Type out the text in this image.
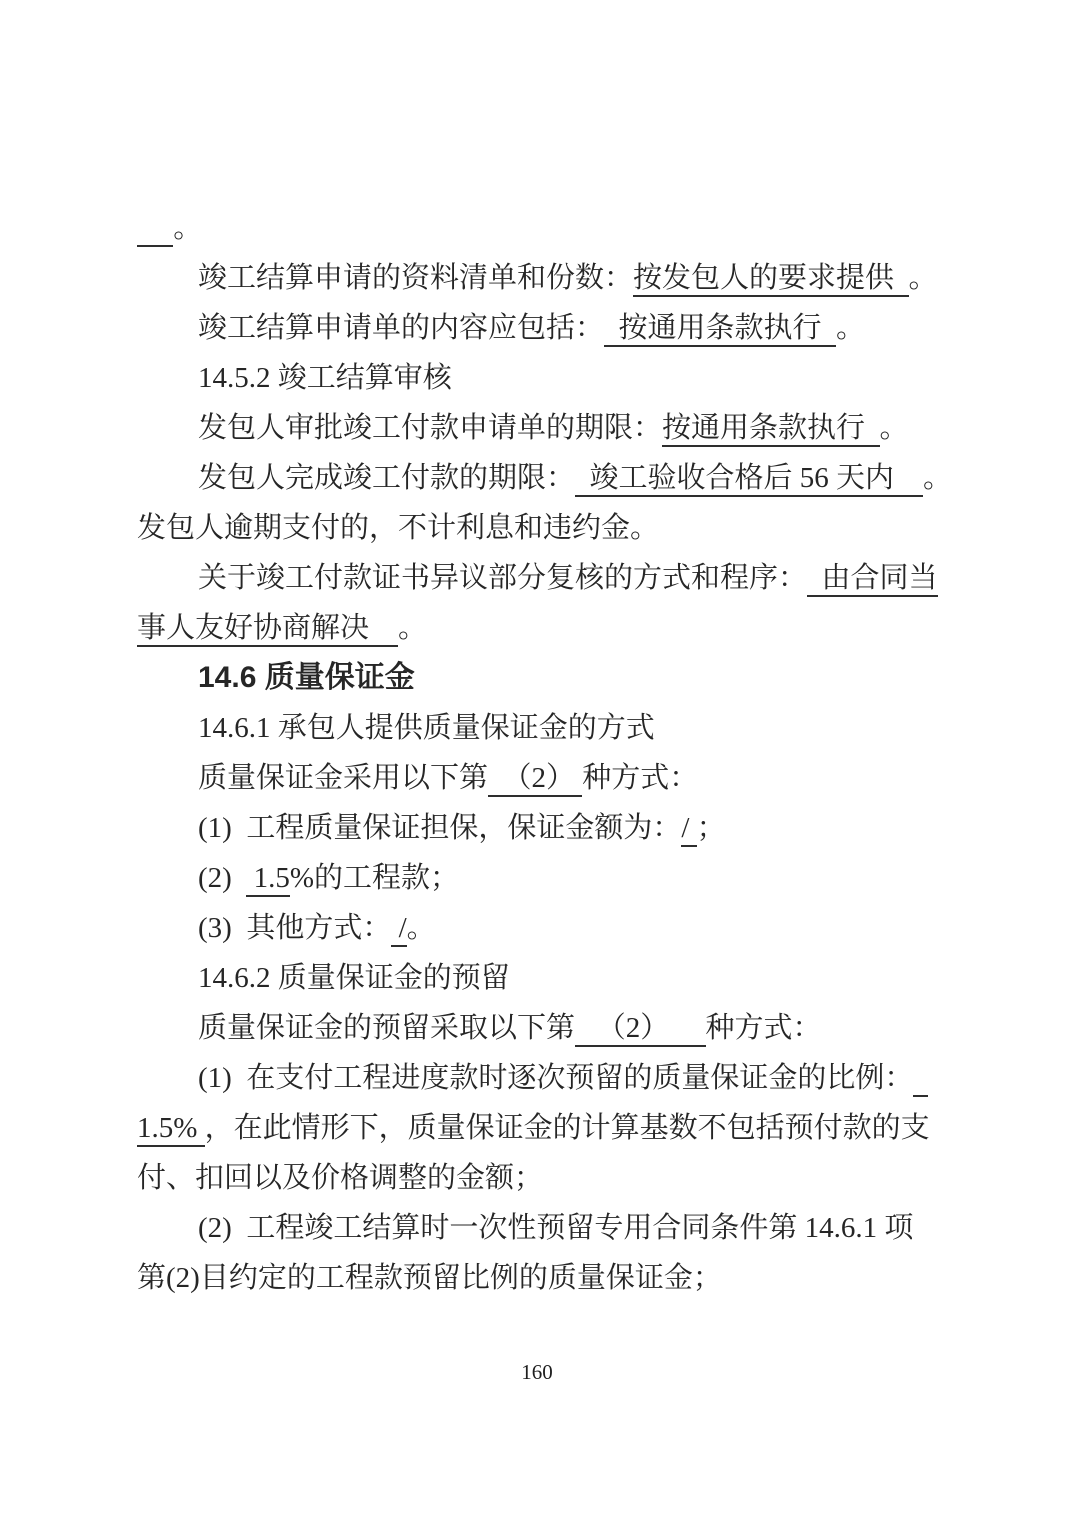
。
竣工结算申请的资料清单和份数：按发包人的要求提供  。
竣工结算申请单的内容应包括：  按通用条款执行  。
14.5.2 竣工结算审核
发包人审批竣工付款申请单的期限：按通用条款执行  。
发包人完成竣工付款的期限：  竣工验收合格后 56 天内    。
发包人逾期支付的，不计利息和违约金。
关于竣工付款证书异议部分复核的方式和程序：  由合同当
事人友好协商解决    。
14.6 质量保证金
14.6.1 承包人提供质量保证金的方式
质量保证金采用以下第  （2） 种方式：
(1)  工程质量保证担保，保证金额为：/ ；
(2)   1.5%的工程款；
(3)  其他方式： /。
14.6.2 质量保证金的预留
质量保证金的预留采取以下第   （2）     种方式：
(1)  在支付工程进度款时逐次预留的质量保证金的比例：
1.5% ，在此情形下，质量保证金的计算基数不包括预付款的支
付、扣回以及价格调整的金额；
(2)  工程竣工结算时一次性预留专用合同条件第 14.6.1 项
第(2)目约定的工程款预留比例的质量保证金；
160
